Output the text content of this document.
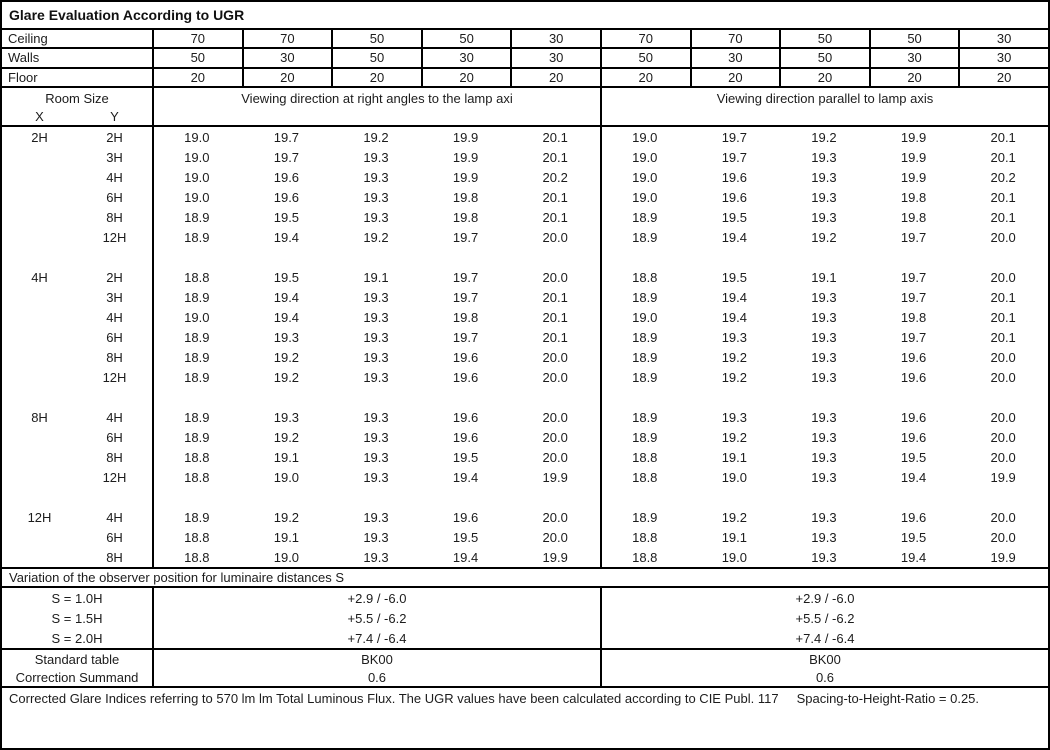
Glare Evaluation According to UGR
Ceiling	70	70	50	50	30	70	70	50	50	30
Walls	50	30	50	30	30	50	30	50	30	30
Floor	20	20	20	20	20	20	20	20	20	20
Room Size
X	Y
Viewing direction at right angles to the lamp axi	Viewing direction parallel to lamp axis
2H	2H	19.0	19.7	19.2	19.9	20.1	19.0	19.7	19.2	19.9	20.1
3H	19.0	19.7	19.3	19.9	20.1	19.0	19.7	19.3	19.9	20.1
4H	19.0	19.6	19.3	19.9	20.2	19.0	19.6	19.3	19.9	20.2
6H	19.0	19.6	19.3	19.8	20.1	19.0	19.6	19.3	19.8	20.1
8H	18.9	19.5	19.3	19.8	20.1	18.9	19.5	19.3	19.8	20.1
12H	18.9	19.4	19.2	19.7	20.0	18.9	19.4	19.2	19.7	20.0
4H	2H	18.8	19.5	19.1	19.7	20.0	18.8	19.5	19.1	19.7	20.0
3H	18.9	19.4	19.3	19.7	20.1	18.9	19.4	19.3	19.7	20.1
4H	19.0	19.4	19.3	19.8	20.1	19.0	19.4	19.3	19.8	20.1
6H	18.9	19.3	19.3	19.7	20.1	18.9	19.3	19.3	19.7	20.1
8H	18.9	19.2	19.3	19.6	20.0	18.9	19.2	19.3	19.6	20.0
12H	18.9	19.2	19.3	19.6	20.0	18.9	19.2	19.3	19.6	20.0
8H	4H	18.9	19.3	19.3	19.6	20.0	18.9	19.3	19.3	19.6	20.0
6H	18.9	19.2	19.3	19.6	20.0	18.9	19.2	19.3	19.6	20.0
8H	18.8	19.1	19.3	19.5	20.0	18.8	19.1	19.3	19.5	20.0
12H	18.8	19.0	19.3	19.4	19.9	18.8	19.0	19.3	19.4	19.9
12H	4H	18.9	19.2	19.3	19.6	20.0	18.9	19.2	19.3	19.6	20.0
6H	18.8	19.1	19.3	19.5	20.0	18.8	19.1	19.3	19.5	20.0
8H	18.8	19.0	19.3	19.4	19.9	18.8	19.0	19.3	19.4	19.9
Variation of the observer position for luminaire distances S
S = 1.0H	+2.9 / -6.0	+2.9 / -6.0
S = 1.5H	+5.5 / -6.2	+5.5 / -6.2
S = 2.0H	+7.4 / -6.4	+7.4 / -6.4
Standard table	BK00	BK00
Correction Summand	0.6	0.6
Corrected Glare Indices referring to 570 lm lm Total Luminous Flux. The UGR values have been calculated according to CIE Publ. 117 Spacing-to-Height-Ratio = 0.25.
